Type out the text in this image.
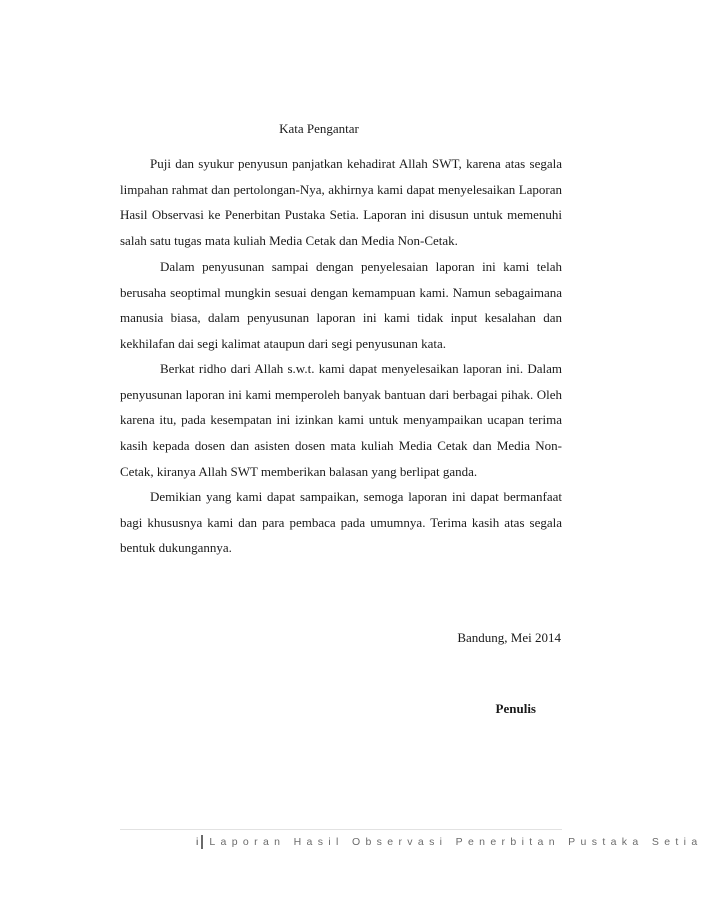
Kata Pengantar

Puji dan syukur penyusun panjatkan kehadirat Allah SWT, karena atas segala limpahan rahmat dan pertolongan-Nya, akhirnya kami dapat menyelesaikan Laporan Hasil Observasi ke Penerbitan Pustaka Setia. Laporan ini disusun untuk memenuhi salah satu tugas mata kuliah Media Cetak dan Media Non-Cetak.

Dalam penyusunan sampai dengan penyelesaian laporan ini kami telah berusaha seoptimal mungkin sesuai dengan kemampuan kami. Namun sebagaimana manusia biasa, dalam penyusunan laporan ini kami tidak input kesalahan dan kekhilafan dai segi kalimat ataupun dari segi penyusunan kata.

Berkat ridho dari Allah s.w.t. kami dapat menyelesaikan laporan ini. Dalam penyusunan laporan ini kami memperoleh banyak bantuan dari berbagai pihak. Oleh karena itu, pada kesempatan ini izinkan kami untuk menyampaikan ucapan terima kasih kepada dosen dan asisten dosen mata kuliah Media Cetak dan Media Non-Cetak, kiranya Allah SWT memberikan balasan yang berlipat ganda.

Demikian yang kami dapat sampaikan, semoga laporan ini dapat bermanfaat bagi khususnya kami dan para pembaca pada umumnya. Terima kasih atas segala bentuk dukungannya.

Bandung, Mei 2014
Penulis
i Laporan Hasil Observasi Penerbitan Pustaka Setia
